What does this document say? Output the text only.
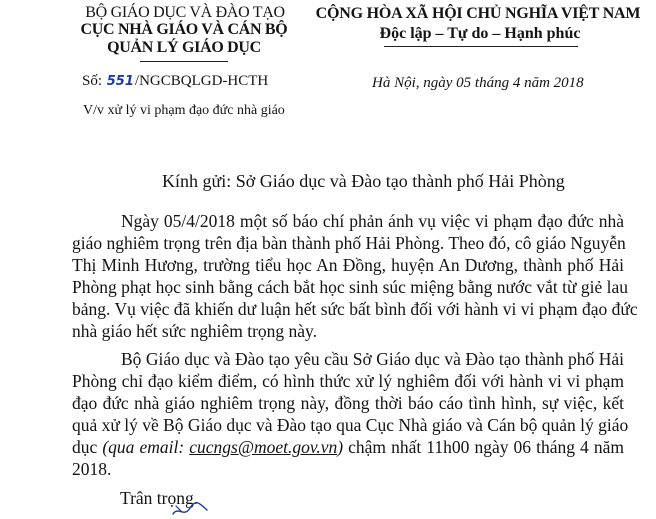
BỘ GIÁO DỤC VÀ ĐÀO TẠO
CỤC NHÀ GIÁO VÀ CÁN BỘ
QUẢN LÝ GIÁO DỤC
Số: 551/NGCBQLGD-HCTH
V/v xử lý vi phạm đạo đức nhà giáo
CỘNG HÒA XÃ HỘI CHỦ NGHĨA VIỆT NAM
Độc lập – Tự do – Hạnh phúc
Hà Nội, ngày 05 tháng 4 năm 2018
Kính gửi: Sở Giáo dục và Đào tạo thành phố Hải Phòng
Ngày 05/4/2018 một số báo chí phản ánh vụ việc vi phạm đạo đức nhà
giáo nghiêm trọng trên địa bàn thành phố Hải Phòng. Theo đó, cô giáo Nguyễn
Thị Minh Hương, trường tiểu học An Đồng, huyện An Dương, thành phố Hải
Phòng phạt học sinh bằng cách bắt học sinh súc miệng bằng nước vắt từ giẻ lau
bảng. Vụ việc đã khiến dư luận hết sức bất bình đối với hành vi vi phạm đạo đức
nhà giáo hết sức nghiêm trọng này.
Bộ Giáo dục và Đào tạo yêu cầu Sở Giáo dục và Đào tạo thành phố Hải
Phòng chỉ đạo kiểm điểm, có hình thức xử lý nghiêm đối với hành vi vi phạm
đạo đức nhà giáo nghiêm trọng này, đồng thời báo cáo tình hình, sự việc, kết
quả xử lý về Bộ Giáo dục và Đào tạo qua Cục Nhà giáo và Cán bộ quản lý giáo
dục (qua email: cucngs@moet.gov.vn) chậm nhất 11h00 ngày 06 tháng 4 năm
2018.
Trân trọng.
